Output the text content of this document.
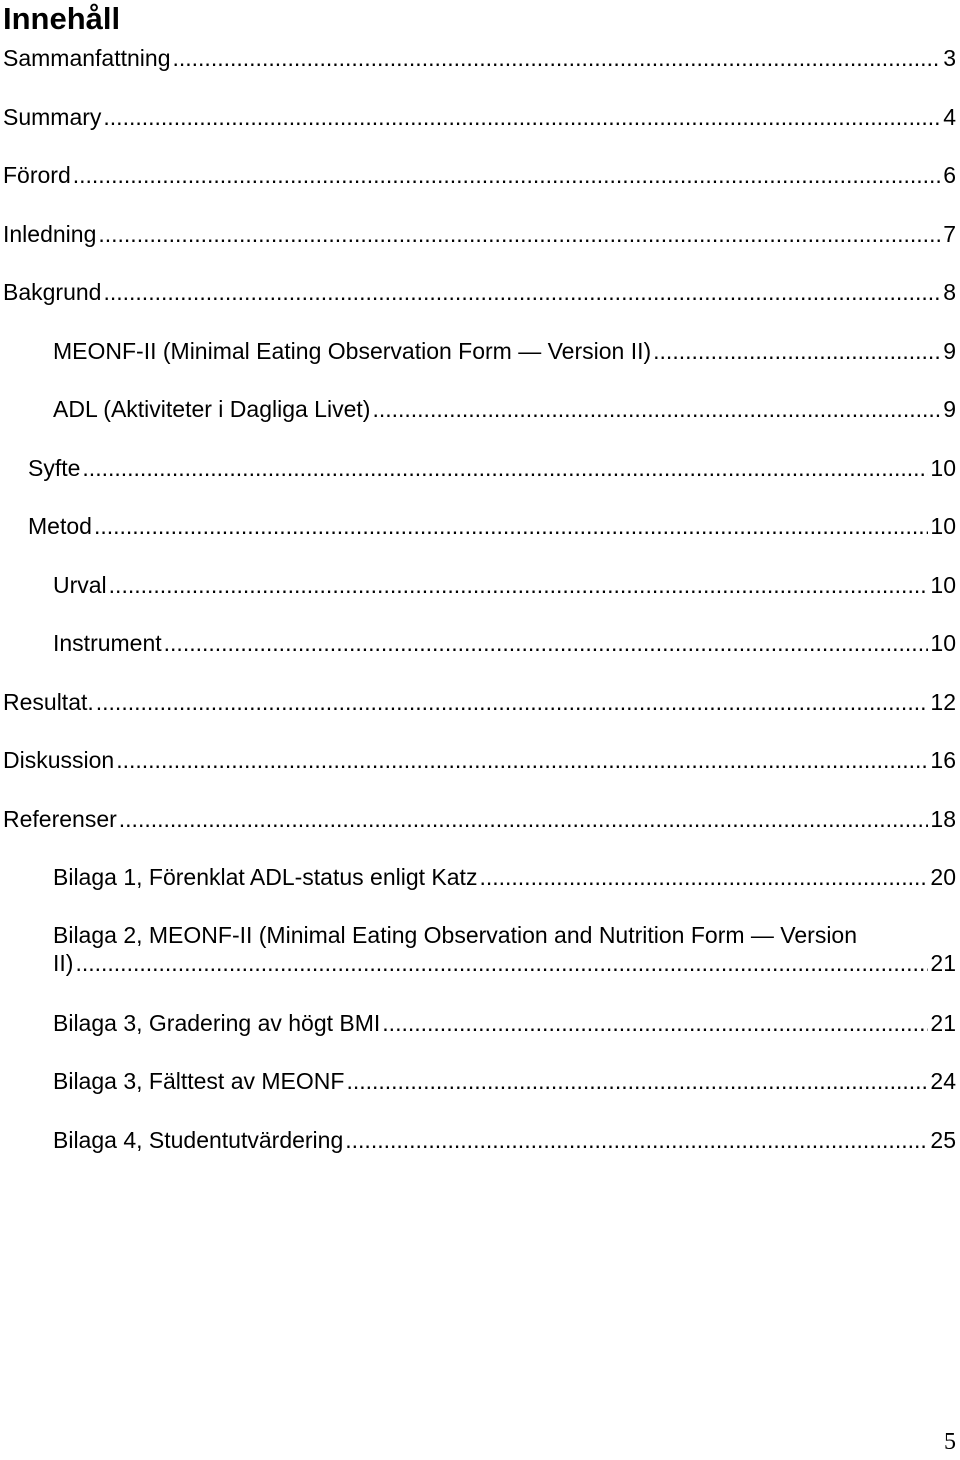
Innehåll
Sammanfattning .....	3
Summary .....	4
Förord .....	6
Inledning .....	7
Bakgrund .....	8
MEONF-II (Minimal Eating Observation Form — Version II) .....	9
ADL (Aktiviteter i Dagliga Livet) .....	9
Syfte .....	10
Metod .....	10
Urval .....	10
Instrument .....	10
Resultat. .....	12
Diskussion .....	16
Referenser .....	18
Bilaga 1, Förenklat ADL-status enligt Katz .....	20
Bilaga 2, MEONF-II (Minimal Eating Observation and Nutrition Form — Version
II) .....	21
Bilaga 3, Gradering av högt BMI .....	21
Bilaga 3, Fälttest av MEONF .....	24
Bilaga 4, Studentutvärdering .....	25
5
